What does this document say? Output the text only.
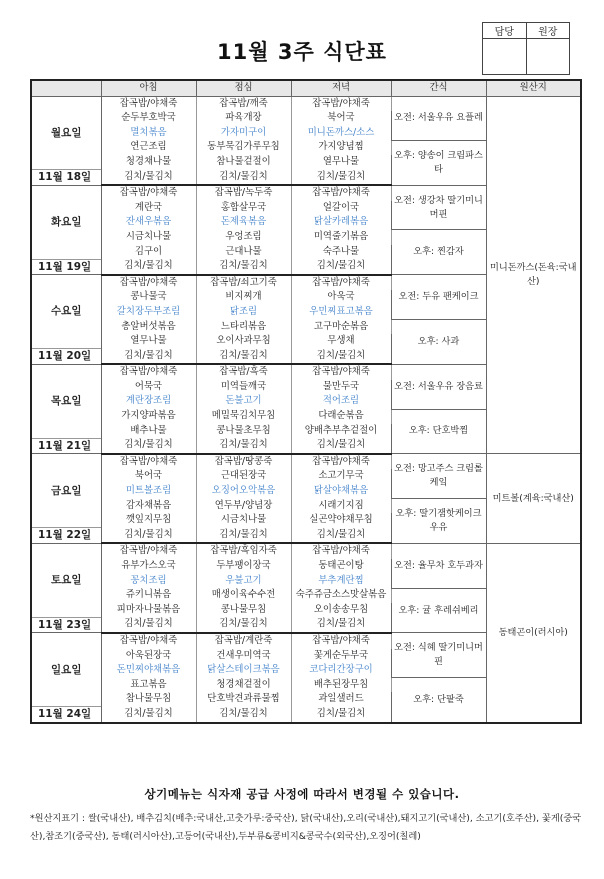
11월 3주 식단표
담당	원장

	아침	점심	저녁	간식	원산지
월요일	잡곡밥/야채죽	잡곡밥/깨죽	잡곡밥/야채죽	오전: 서울우유 요플레	미니돈까스(돈육:국내산)
	순두부호박국	파육개장	북어국		
	멸치볶음	가자미구이	미니돈까스/소스		
	연근조림	동부묵김가루무침	가지양념찜	오후: 양송이 크림파스타	
	청경채나물	참나물겉절이	열무나물		
11월 18일	김치/물김치	김치/물김치	김치/물김치		
화요일	잡곡밥/야채죽	잡곡밥/녹두죽	잡곡밥/야채죽	오전: 생강차 딸기미니머핀	
	계란국	홍합살무국	얼갈이국		
	잔새우볶음	돈제육볶음	닭살카레볶음		
	시금치나물	우엉조림	미역줄기볶음	오후: 찐감자	
	김구이	근대나물	숙주나물		
11월 19일	김치/물김치	김치/물김치	김치/물김치		
수요일	잡곡밥/야채죽	잡곡밥/쇠고기죽	잡곡밥/야채죽	오전: 두유 팬케이크	
	콩나물국	비지찌개	아욱국		
	갈치장두부조림	닭조림	우민찌표고볶음		
	총알버섯볶음	느타리볶음	고구마순볶음	오후: 사과	
	열무나물	오이사과무침	무생채		
11월 20일	김치/물김치	김치/물김치	김치/물김치		
목요일	잡곡밥/야채죽	잡곡밥/흑죽	잡곡밥/야채죽	오전: 서울우유 장음료	
	어묵국	미역들깨국	물만두국		
	계란장조림	돈불고기	적어조림		
	가지양파볶음	메밀묵김치무침	다래순볶음	오후: 단호박찜	
	배추나물	콩나물초무침	양배추부추겉절이		
11월 21일	김치/물김치	김치/물김치	김치/물김치		
금요일	잡곡밥/야채죽	잡곡밥/땅콩죽	잡곡밥/야채죽	오전: 망고주스 크림롤케잌	미트볼(계육:국내산)
	북어국	근대된장국	소고기무국		
	미트볼조림	오징어오악볶음	닭살야채볶음		
	감자채볶음	연두부/양념장	시래기지짐	오후: 딸기잼핫케이크 우유	
	깻잎지무침	시금치나물	실곤약야채무침		
11월 22일	김치/물김치	김치/물김치	김치/물김치		
토요일	잡곡밥/야채죽	잡곡밥/흑임자죽	잡곡밥/야채죽	오전: 율무차 호두과자	동태곤이(러시아)
	유부가스오국	두부팽이장국	동태곤이탕		
	꽁치조림	우불고기	부추계란찜		
	쥬키니볶음	매생이육수수전	숙주쥬금소스맛살볶음	오후: 귤 후레쉬베리	
	피마자나물볶음	콩나물무침	오이송송무침		
11월 23일	김치/물김치	김치/물김치	김치/물김치		
일요일	잡곡밥/야채죽	잡곡밥/계란죽	잡곡밥/야채죽	오전: 식혜 딸기미니머핀	
	아욱된장국	건새우미역국	꽃게순두부국		
	돈민찌야채볶음	닭살스테이크볶음	코다리간장구이		
	표고볶음	청경채겉절이	배추된장무침	오후: 단팥죽	
	참나물무침	단호박견과류물찜	과일샐러드		
11월 24일	김치/물김치	김치/물김치	김치/물김치		
상기메뉴는 식자재 공급 사정에 따라서 변경될 수 있습니다.
*원산지표기 : 쌀(국내산), 배추김치(배추:국내산,고춧가루:중국산), 닭(국내산),오리(국내산),돼지고기(국내산), 소고기(호주산), 꽃게(중국산),참조기(중국산), 동태(러시아산),고등어(국내산),두부류&콩비지&콩국수(외국산),오징어(칠레)
